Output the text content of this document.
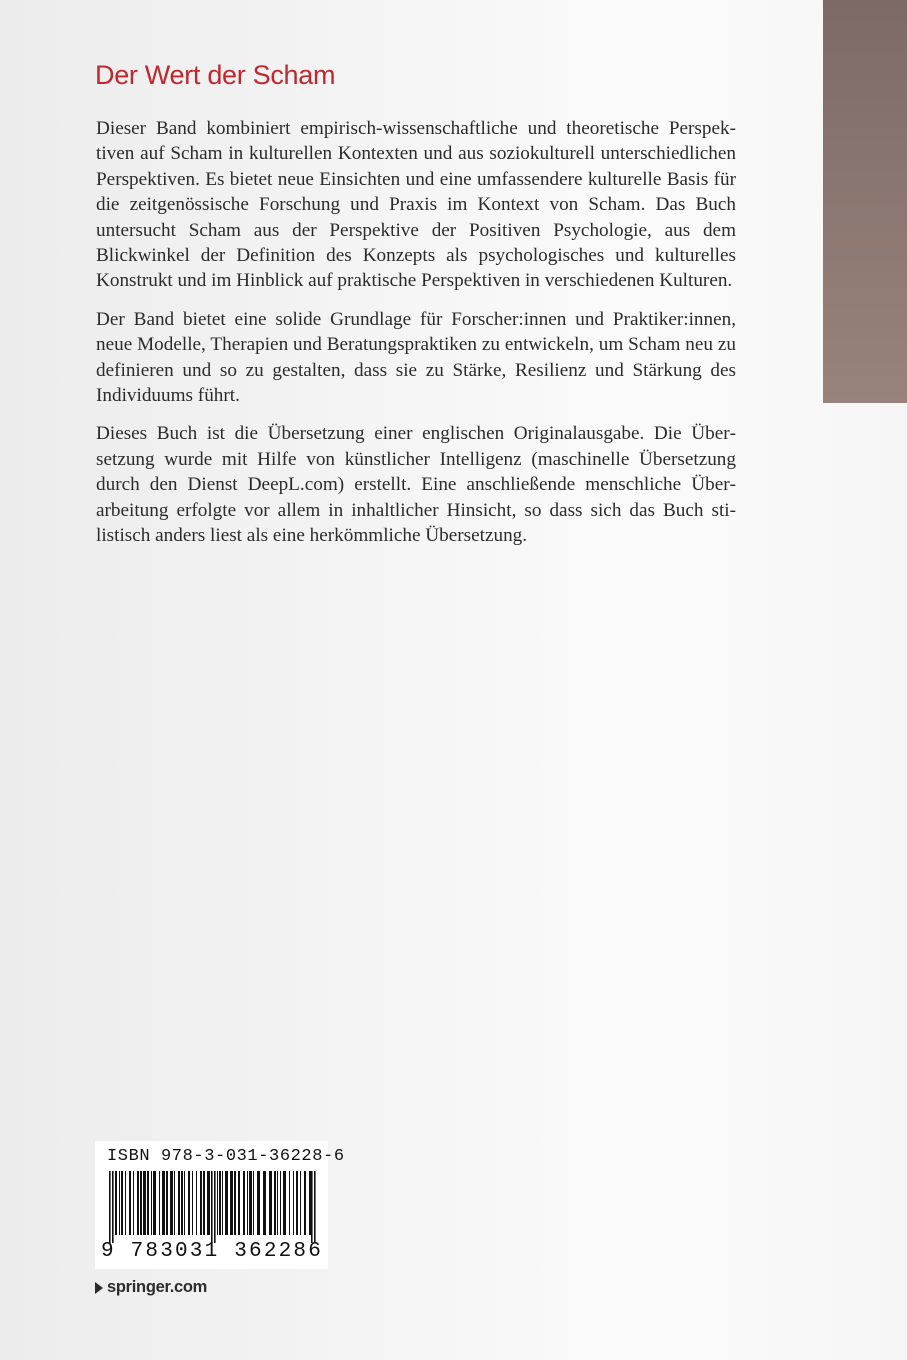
Der Wert der Scham

Dieser Band kombiniert empirisch-wissenschaftliche und theoretische Perspektiven auf Scham in kulturellen Kontexten und aus soziokulturell unterschiedlichen Perspektiven. Es bietet neue Einsichten und eine umfassendere kulturelle Basis für die zeitgenössische Forschung und Praxis im Kontext von Scham. Das Buch untersucht Scham aus der Perspektive der Positiven Psychologie, aus dem Blickwinkel der Definition des Konzepts als psychologisches und kulturelles Konstrukt und im Hinblick auf praktische Perspektiven in verschiedenen Kulturen.

Der Band bietet eine solide Grundlage für Forscher:innen und Praktiker:innen, neue Modelle, Therapien und Beratungspraktiken zu entwickeln, um Scham neu zu definieren und so zu gestalten, dass sie zu Stärke, Resilienz und Stärkung des Individuums führt.

Dieses Buch ist die Übersetzung einer englischen Originalausgabe. Die Übersetzung wurde mit Hilfe von künstlicher Intelligenz (maschinelle Übersetzung durch den Dienst DeepL.com) erstellt. Eine anschließende menschliche Überarbeitung erfolgte vor allem in inhaltlicher Hinsicht, so dass sich das Buch stilistisch anders liest als eine herkömmliche Übersetzung.

ISBN 978-3-031-36228-6
9 783031 362286
springer.com
